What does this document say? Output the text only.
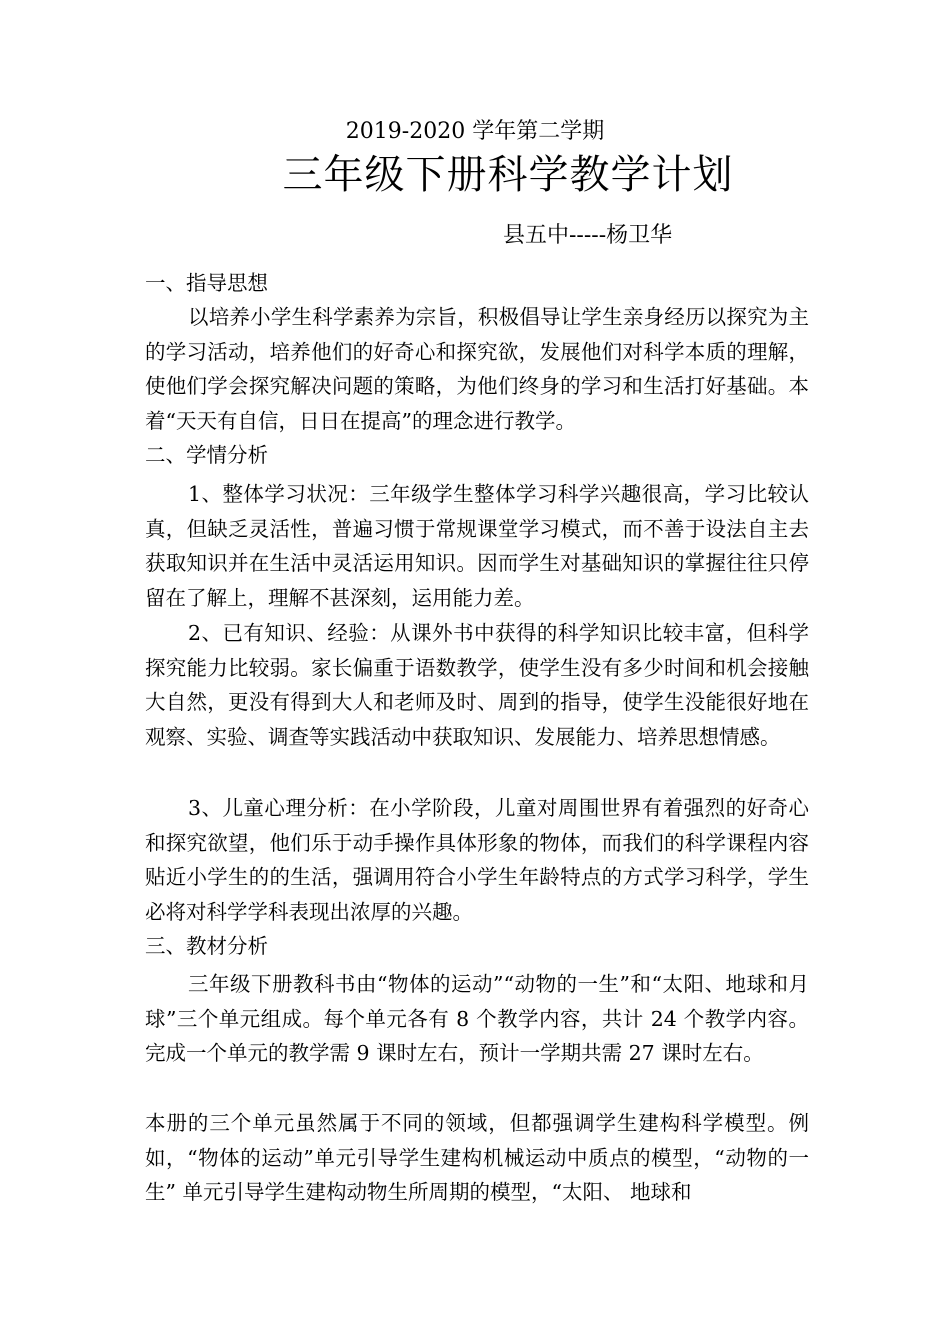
2019-2020 学年第二学期
三年级下册科学教学计划
县五中-----杨卫华
一、指导思想
以培养小学生科学素养为宗旨，积极倡导让学生亲身经历以探究为主的学习活动，培养他们的好奇心和探究欲，发展他们对科学本质的理解，使他们学会探究解决问题的策略，为他们终身的学习和生活打好基础。本着“天天有自信，日日在提高”的理念进行教学。
二、学情分析
1、整体学习状况：三年级学生整体学习科学兴趣很高，学习比较认真，但缺乏灵活性，普遍习惯于常规课堂学习模式，而不善于设法自主去获取知识并在生活中灵活运用知识。因而学生对基础知识的掌握往往只停留在了解上，理解不甚深刻，运用能力差。
2、已有知识、经验：从课外书中获得的科学知识比较丰富，但科学探究能力比较弱。家长偏重于语数教学，使学生没有多少时间和机会接触大自然，更没有得到大人和老师及时、周到的指导，使学生没能很好地在观察、实验、调查等实践活动中获取知识、发展能力、培养思想情感。
3、儿童心理分析：在小学阶段，儿童对周围世界有着强烈的好奇心和探究欲望，他们乐于动手操作具体形象的物体，而我们的科学课程内容贴近小学生的的生活，强调用符合小学生年龄特点的方式学习科学，学生必将对科学学科表现出浓厚的兴趣。
三、教材分析
三年级下册教科书由“物体的运动”“动物的一生”和“太阳、地球和月球”三个单元组成。每个单元各有 8 个教学内容，共计 24 个教学内容。完成一个单元的教学需 9 课时左右，预计一学期共需 27 课时左右。
本册的三个单元虽然属于不同的领域，但都强调学生建构科学模型。例如，“物体的运动”单元引导学生建构机械运动中质点的模型，“动物的一生” 单元引导学生建构动物生所周期的模型，“太阳、 地球和
